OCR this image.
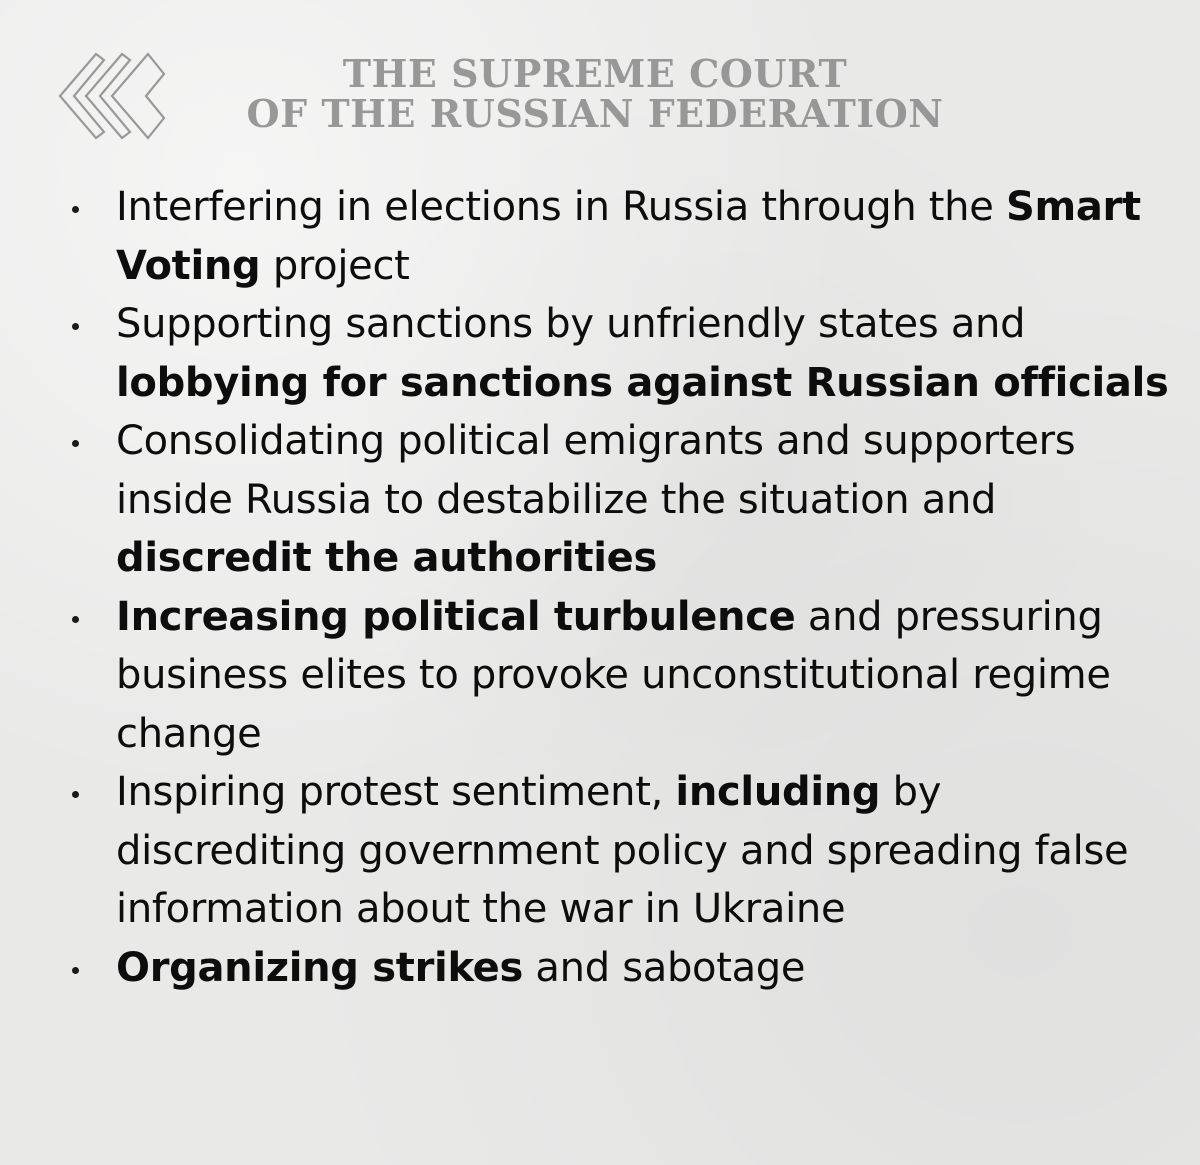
THE SUPREME COURT
OF THE RUSSIAN FEDERATION
Interfering in elections in Russia through the Smart Voting project
Supporting sanctions by unfriendly states and lobbying for sanctions against Russian officials
Consolidating political emigrants and supporters inside Russia to destabilize the situation and discredit the authorities
Increasing political turbulence and pressuring business elites to provoke unconstitutional regime change
Inspiring protest sentiment, including by discrediting government policy and spreading false information about the war in Ukraine
Organizing strikes and sabotage
